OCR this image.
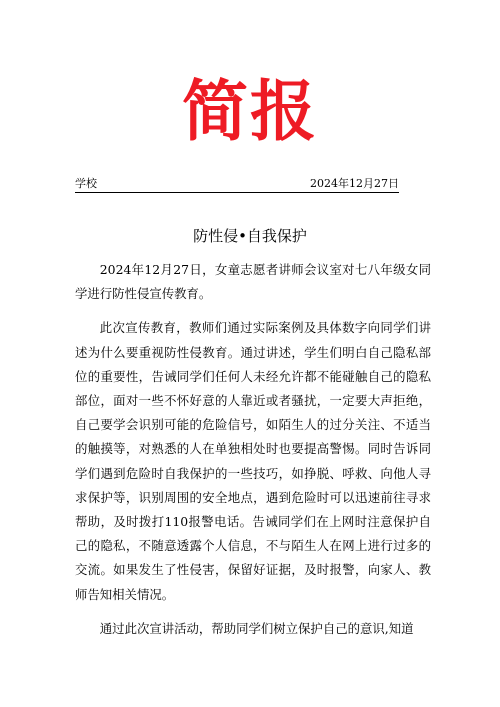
简报
学校	2024年12月27日
防性侵•自我保护

2024年12月27日，女童志愿者讲师会议室对七八年级女同学进行防性侵宣传教育。

此次宣传教育，教师们通过实际案例及具体数字向同学们讲述为什么要重视防性侵教育。通过讲述，学生们明白自己隐私部位的重要性，告诫同学们任何人未经允许都不能碰触自己的隐私部位，面对一些不怀好意的人靠近或者骚扰，一定要大声拒绝，自己要学会识别可能的危险信号，如陌生人的过分关注、不适当的触摸等，对熟悉的人在单独相处时也要提高警惕。同时告诉同学们遇到危险时自我保护的一些技巧，如挣脱、呼救、向他人寻求保护等，识别周围的安全地点，遇到危险时可以迅速前往寻求帮助，及时拨打110报警电话。告诫同学们在上网时注意保护自己的隐私，不随意透露个人信息，不与陌生人在网上进行过多的交流。如果发生了性侵害，保留好证据，及时报警，向家人、教师告知相关情况。

通过此次宣讲活动，帮助同学们树立保护自己的意识,知道
